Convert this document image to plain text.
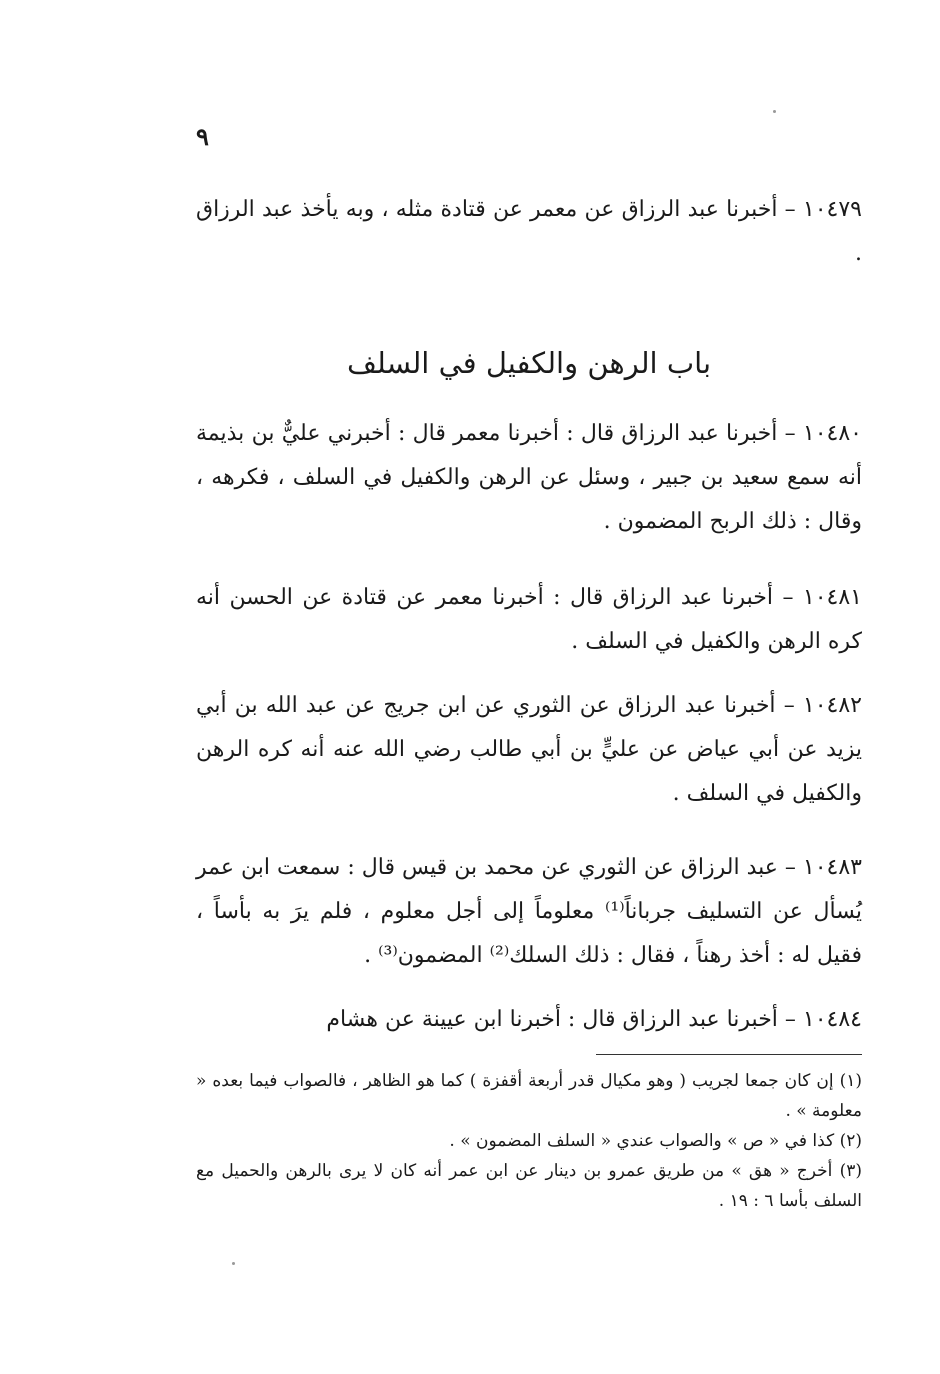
٩

١٠٤٧٩ – أخبرنا عبد الرزاق عن معمر عن قتادة مثله ، وبه يأخذ عبد الرزاق .

باب الرهن والكفيل في السلف

١٠٤٨٠ – أخبرنا عبد الرزاق قال : أخبرنا معمر قال : أخبرني عليٌّ بن بذيمة أنه سمع سعيد بن جبير ، وسئل عن الرهن والكفيل في السلف ، فكرهه ، وقال : ذلك الربح المضمون .

١٠٤٨١ – أخبرنا عبد الرزاق قال : أخبرنا معمر عن قتادة عن الحسن أنه كره الرهن والكفيل في السلف .

١٠٤٨٢ – أخبرنا عبد الرزاق عن الثوري عن ابن جريج عن عبد الله بن أبي يزيد عن أبي عياض عن عليٍّ بن أبي طالب رضي الله عنه أنه كره الرهن والكفيل في السلف .

١٠٤٨٣ – عبد الرزاق عن الثوري عن محمد بن قيس قال : سمعت ابن عمر يُسأل عن التسليف جرباناً⁽¹⁾ معلوماً إلى أجل معلوم ، فلم يرَ به بأساً ، فقيل له : أخذ رهناً ، فقال : ذلك السلك⁽²⁾ المضمون⁽³⁾ .

١٠٤٨٤ – أخبرنا عبد الرزاق قال : أخبرنا ابن عيينة عن هشام

(١) إن كان جمعا لجريب ( وهو مكيال قدر أربعة أقفزة ) كما هو الظاهر ، فالصواب فيما بعده « معلومة » .

(٢) كذا في « ص » والصواب عندي « السلف المضمون » .

(٣) أخرج « هق » من طريق عمرو بن دينار عن ابن عمر أنه كان لا يرى بالرهن والحميل مع السلف بأسا ٦ : ١٩ .
